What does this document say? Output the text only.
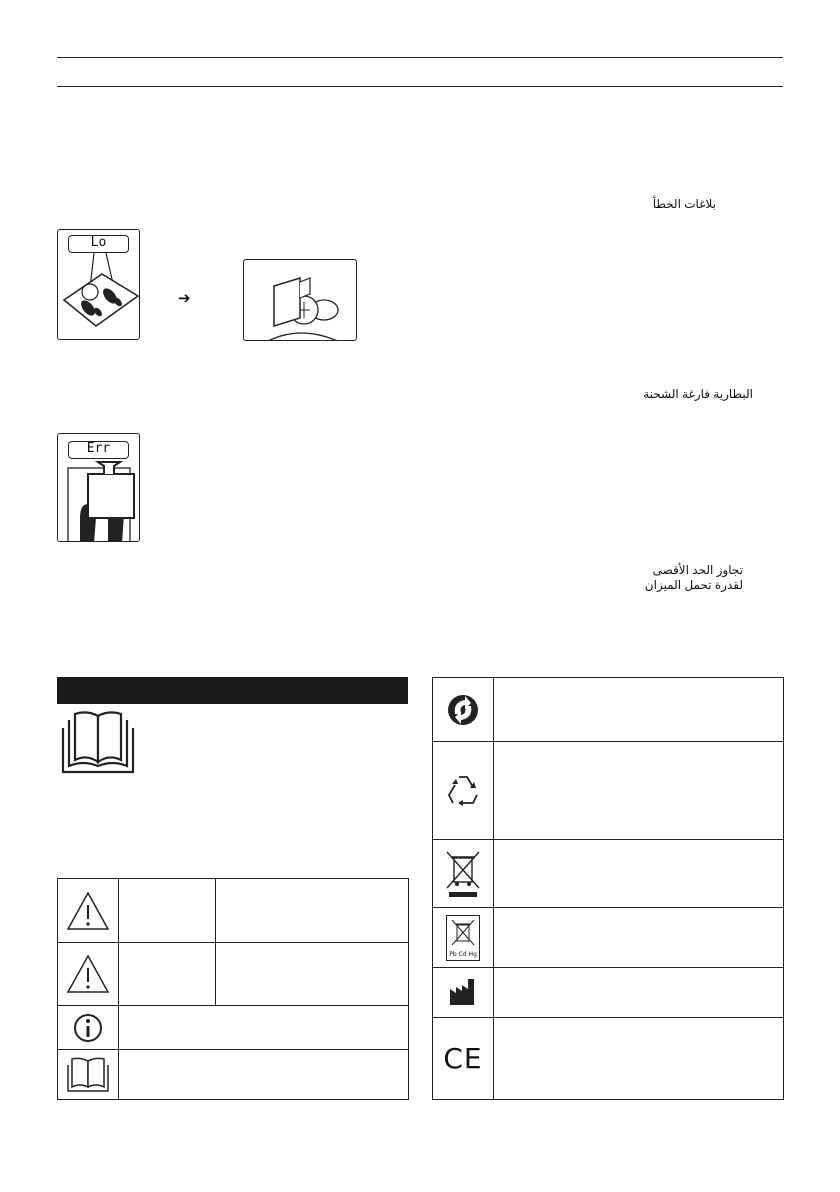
بلاغات الخطأ
Lo
➔
البطارية فارغة الشحنة
Err
تجاوز الحد الأقصى
لقدرة تحمل الميزان

Pb Cd Hg	

CE	
